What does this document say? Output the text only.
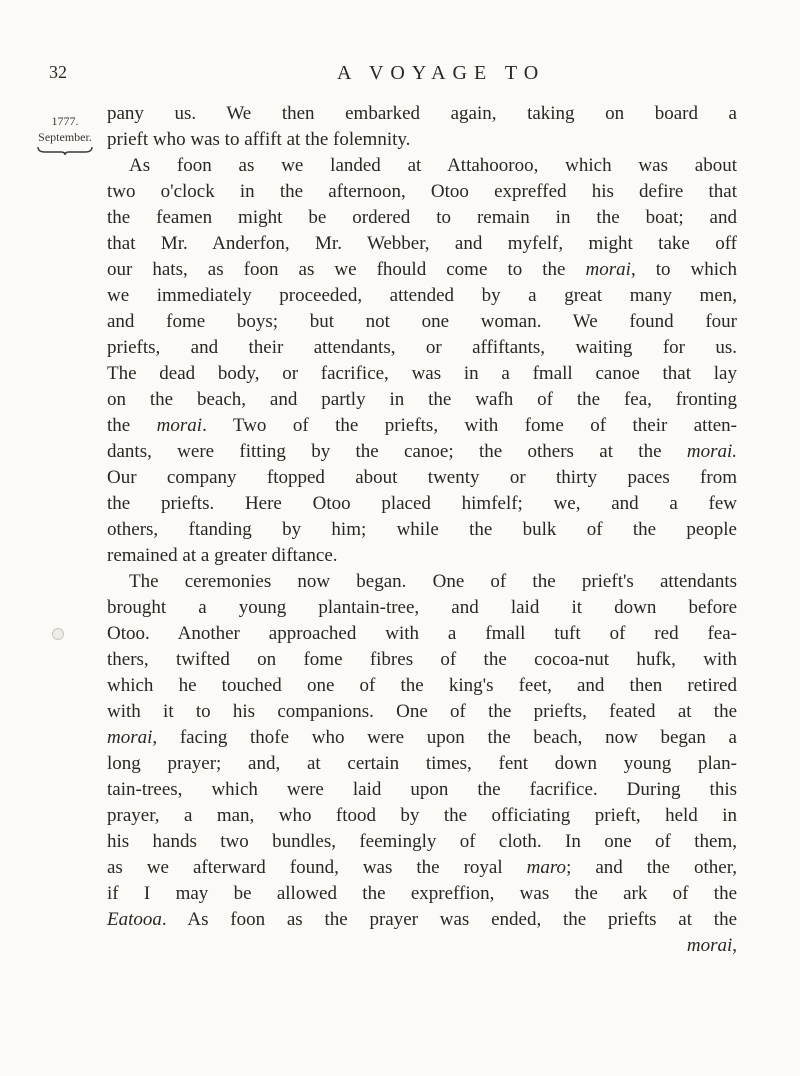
32	A VOYAGE TO
1777.
September.
pany us. We then embarked again, taking on board a
prieft who was to affift at the folemnity.
As foon as we landed at Attahooroo, which was about
two o'clock in the afternoon, Otoo expreffed his defire that
the feamen might be ordered to remain in the boat; and
that Mr. Anderfon, Mr. Webber, and myfelf, might take off
our hats, as foon as we fhould come to the morai, to which
we immediately proceeded, attended by a great many men,
and fome boys; but not one woman. We found four
priefts, and their attendants, or affiftants, waiting for us.
The dead body, or facrifice, was in a fmall canoe that lay
on the beach, and partly in the wafh of the fea, fronting
the morai. Two of the priefts, with fome of their atten-
dants, were fitting by the canoe; the others at the morai.
Our company ftopped about twenty or thirty paces from
the priefts. Here Otoo placed himfelf; we, and a few
others, ftanding by him; while the bulk of the people
remained at a greater diftance.
The ceremonies now began. One of the prieft's attendants
brought a young plantain-tree, and laid it down before
Otoo. Another approached with a fmall tuft of red fea-
thers, twifted on fome fibres of the cocoa-nut hufk, with
which he touched one of the king's feet, and then retired
with it to his companions. One of the priefts, feated at the
morai, facing thofe who were upon the beach, now began a
long prayer; and, at certain times, fent down young plan-
tain-trees, which were laid upon the facrifice. During this
prayer, a man, who ftood by the officiating prieft, held in
his hands two bundles, feemingly of cloth. In one of them,
as we afterward found, was the royal maro; and the other,
if I may be allowed the expreffion, was the ark of the
Eatooa. As foon as the prayer was ended, the priefts at the
morai,
